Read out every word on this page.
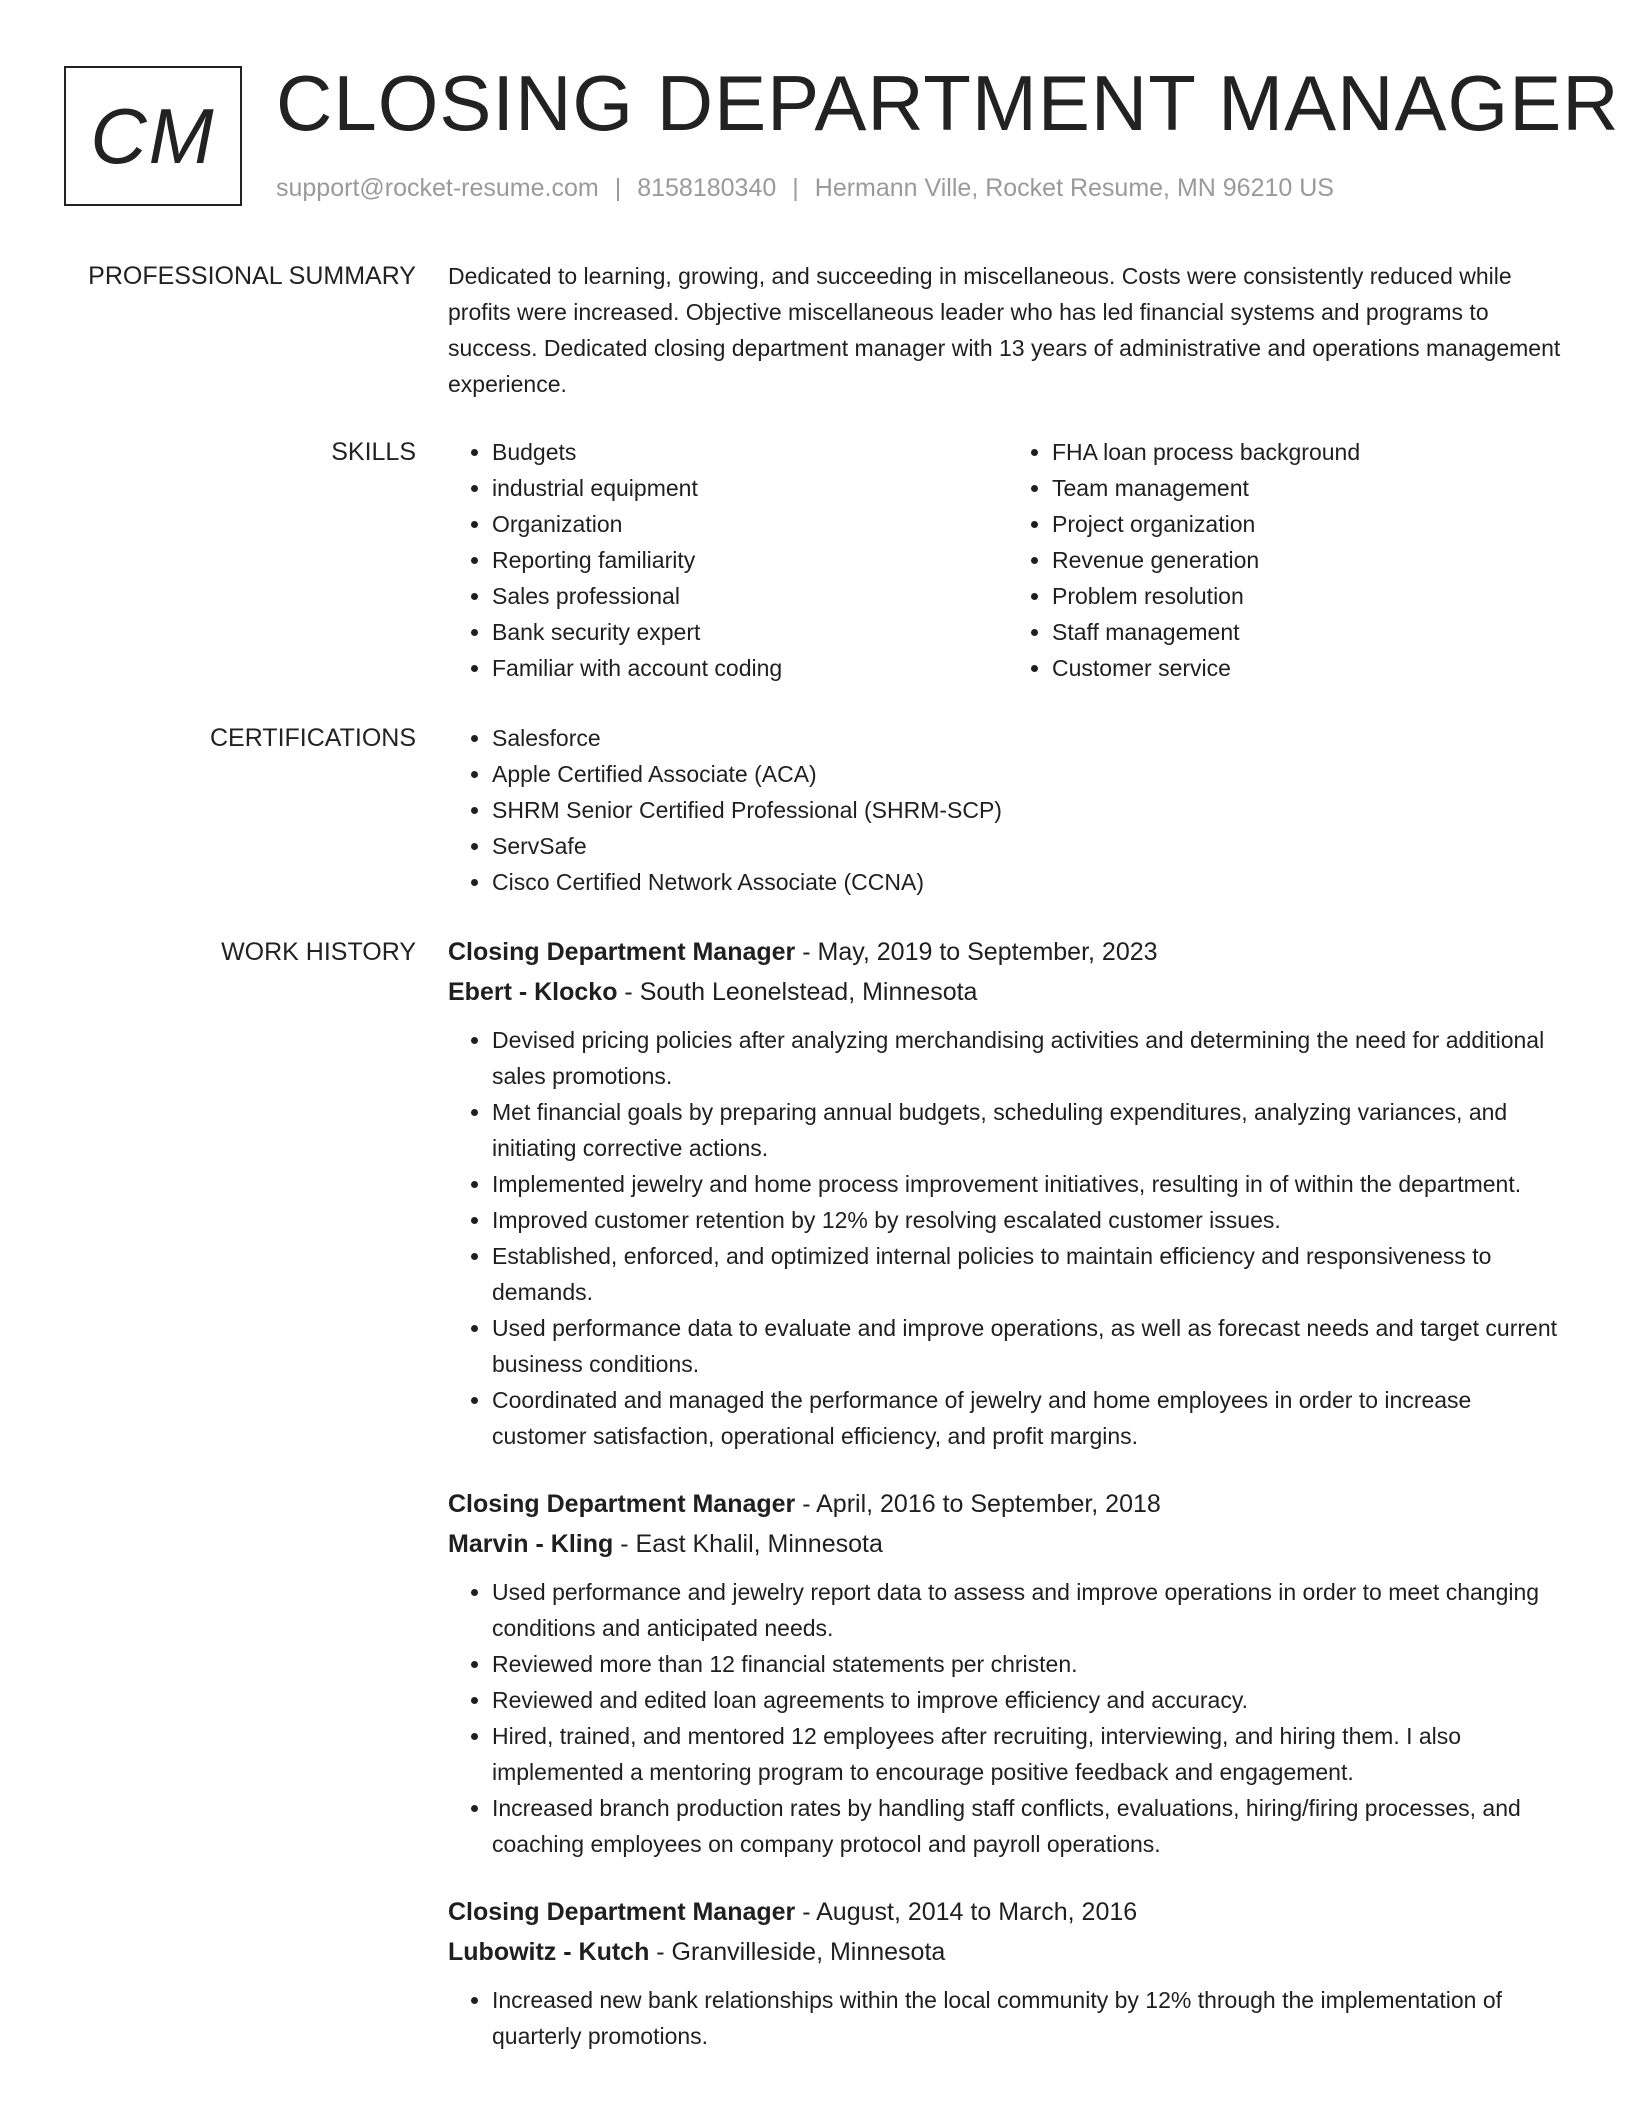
CM CLOSING DEPARTMENT MANAGER
support@rocket-resume.com | 8158180340 | Hermann Ville, Rocket Resume, MN 96210 US
PROFESSIONAL SUMMARY Dedicated to learning, growing, and succeeding in miscellaneous. Costs were consistently reduced while profits were increased. Objective miscellaneous leader who has led financial systems and programs to success. Dedicated closing department manager with 13 years of administrative and operations management experience.
SKILLS	• Budgets
• industrial equipment
• Organization
• Reporting familiarity
• Sales professional
• Bank security expert
• Familiar with account coding
• FHA loan process background
• Team management
• Project organization
• Revenue generation
• Problem resolution
• Staff management
• Customer service
CERTIFICATIONS	• Salesforce
• Apple Certified Associate (ACA)
• SHRM Senior Certified Professional (SHRM-SCP)
• ServSafe
• Cisco Certified Network Associate (CCNA)
WORK HISTORY Closing Department Manager - May, 2019 to September, 2023
Ebert - Klocko - South Leonelstead, Minnesota
• Devised pricing policies after analyzing merchandising activities and determining the need for additional sales promotions.
• Met financial goals by preparing annual budgets, scheduling expenditures, analyzing variances, and initiating corrective actions.
• Implemented jewelry and home process improvement initiatives, resulting in of within the department.
• Improved customer retention by 12% by resolving escalated customer issues.
• Established, enforced, and optimized internal policies to maintain efficiency and responsiveness to demands.
• Used performance data to evaluate and improve operations, as well as forecast needs and target current business conditions.
• Coordinated and managed the performance of jewelry and home employees in order to increase customer satisfaction, operational efficiency, and profit margins.
Closing Department Manager - April, 2016 to September, 2018
Marvin - Kling - East Khalil, Minnesota
• Used performance and jewelry report data to assess and improve operations in order to meet changing conditions and anticipated needs.
• Reviewed more than 12 financial statements per christen.
• Reviewed and edited loan agreements to improve efficiency and accuracy.
• Hired, trained, and mentored 12 employees after recruiting, interviewing, and hiring them. I also implemented a mentoring program to encourage positive feedback and engagement.
• Increased branch production rates by handling staff conflicts, evaluations, hiring/firing processes, and coaching employees on company protocol and payroll operations.
Closing Department Manager - August, 2014 to March, 2016
Lubowitz - Kutch - Granvilleside, Minnesota
• Increased new bank relationships within the local community by 12% through the implementation of quarterly promotions.
